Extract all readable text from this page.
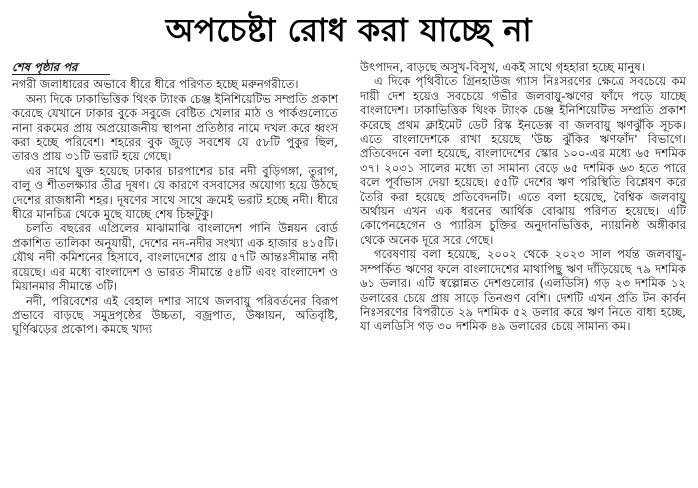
অপচেষ্টা রোধ করা যাচ্ছে না
শেষ পৃষ্ঠার পর

নগরী জলাধারের অভাবে ধীরে ধীরে পরিণত হচ্ছে মরুনগরীতে।

অন্য দিকে ঢাকাভিত্তিক থিংক ট্যাংক চেঞ্জ ইনিশিয়েটিভ সম্প্রতি প্রকাশ করেছে যেখানে ঢাকার বুকে সবুজে বেষ্টিত খেলার মাঠ ও পার্কগুলোতে নানা রকমের প্রায় অপ্রয়োজনীয় স্থাপনা প্রতিষ্ঠার নামে দখল করে ধ্বংস করা হচ্ছে পরিবেশ। শহরের বুক জুড়ে সবশেষ যে ৫৮টি পুকুর ছিল, তারও প্রায় ৩১টি ভরাট হয়ে গেছে।

এর সাথে যুক্ত হয়েছে ঢাকার চারপাশের চার নদী বুড়িগঙ্গা, তুরাগ, বালু ও শীতলক্ষ্যার তীব্র দূষণ। যে কারণে বসবাসের অযোগ্য হয়ে উঠছে দেশের রাজধানী শহর। দূষণের সাথে সাথে ক্রমেই ভরাট হচ্ছে নদী। ধীরে ধীরে মানচিত্র থেকে মুছে যাচ্ছে শেষ চিহ্নটুকু।

চলতি বছরের এপ্রিলের মাঝামাঝি বাংলাদেশ পানি উন্নয়ন বোর্ড প্রকাশিত তালিকা অনুযায়ী, দেশের নদ-নদীর সংখ্যা এক হাজার ৪১৫টি। যৌথ নদী কমিশনের হিসাবে, বাংলাদেশের প্রায় ৫৭টি আন্তঃসীমান্ত নদী রয়েছে। এর মধ্যে বাংলাদেশ ও ভারত সীমান্তে ৫৪টি এবং বাংলাদেশ ও মিয়ানমার সীমান্তে ৩টি।

নদী, পরিবেশের এই বেহাল দশার সাথে জলবায়ু পরিবর্তনের বিরূপ প্রভাবে বাড়ছে সমুদ্রপৃষ্ঠের উচ্চতা, বজ্রপাত, উষ্ণায়ন, অতিবৃষ্টি, ঘূর্ণিঝড়ের প্রকোপ। কমছে খাদ্য

উৎপাদন, বাড়ছে অসুখ-বিসুখ, একই সাথে গৃহহারা হচ্ছে মানুষ।

এ দিকে পৃথিবীতে গ্রিনহাউজ গ্যাস নিঃসরণের ক্ষেত্রে সবচেয়ে কম দায়ী দেশ হয়েও সবচেয়ে গভীর জলবায়ু-ঋণের ফাঁদে পড়ে যাচ্ছে বাংলাদেশ। ঢাকাভিত্তিক থিংক ট্যাংক চেঞ্জ ইনিশিয়েটিভ সম্প্রতি প্রকাশ করেছে প্রথম ক্লাইমেট ডেট রিস্ক ইনডেক্স বা জলবায়ু ঋণঝুঁকি সূচক। এতে বাংলাদেশকে রাখা হয়েছে 'উচ্চ ঝুঁকির ঋণফাঁদ' বিভাগে। প্রতিবেদনে বলা হয়েছে, বাংলাদেশের স্কোর ১০০-এর মধ্যে ৬৫ দশমিক ৩৭। ২০৩১ সালের মধ্যে তা সামান্য বেড়ে ৬৫ দশমিক ৬৩ হতে পারে বলে পূর্বাভাস দেয়া হয়েছে। ৫৫টি দেশের ঋণ পরিস্থিতি বিশ্লেষণ করে তৈরি করা হয়েছে প্রতিবেদনটি। এতে বলা হয়েছে, বৈশ্বিক জলবায়ু অর্থায়ন এখন এক ধরনের আর্থিক বোঝায় পরিণত হয়েছে। এটি কোপেনহেগেন ও প্যারিস চুক্তির অনুদানভিত্তিক, ন্যায়নিষ্ঠ অঙ্গীকার থেকে অনেক দূরে সরে গেছে।

গবেষণায় বলা হয়েছে, ২০০২ থেকে ২০২৩ সাল পর্যন্ত জলবায়ু-সম্পর্কিত ঋণের ফলে বাংলাদেশের মাথাপিছু ঋণ দাঁড়িয়েছে ৭৯ দশমিক ৬১ ডলার। এটি স্বল্পোন্নত দেশগুলোর (এলডিসি) গড় ২৩ দশমিক ১২ ডলারের চেয়ে প্রায় সাড়ে তিনগুণ বেশি। দেশটি এখন প্রতি টন কার্বন নিঃসরণের বিপরীতে ২৯ দশমিক ৫২ ডলার করে ঋণ নিতে বাধ্য হচ্ছে, যা এলডিসি গড় ৩০ দশমিক ৪৯ ডলারের চেয়ে সামান্য কম।
